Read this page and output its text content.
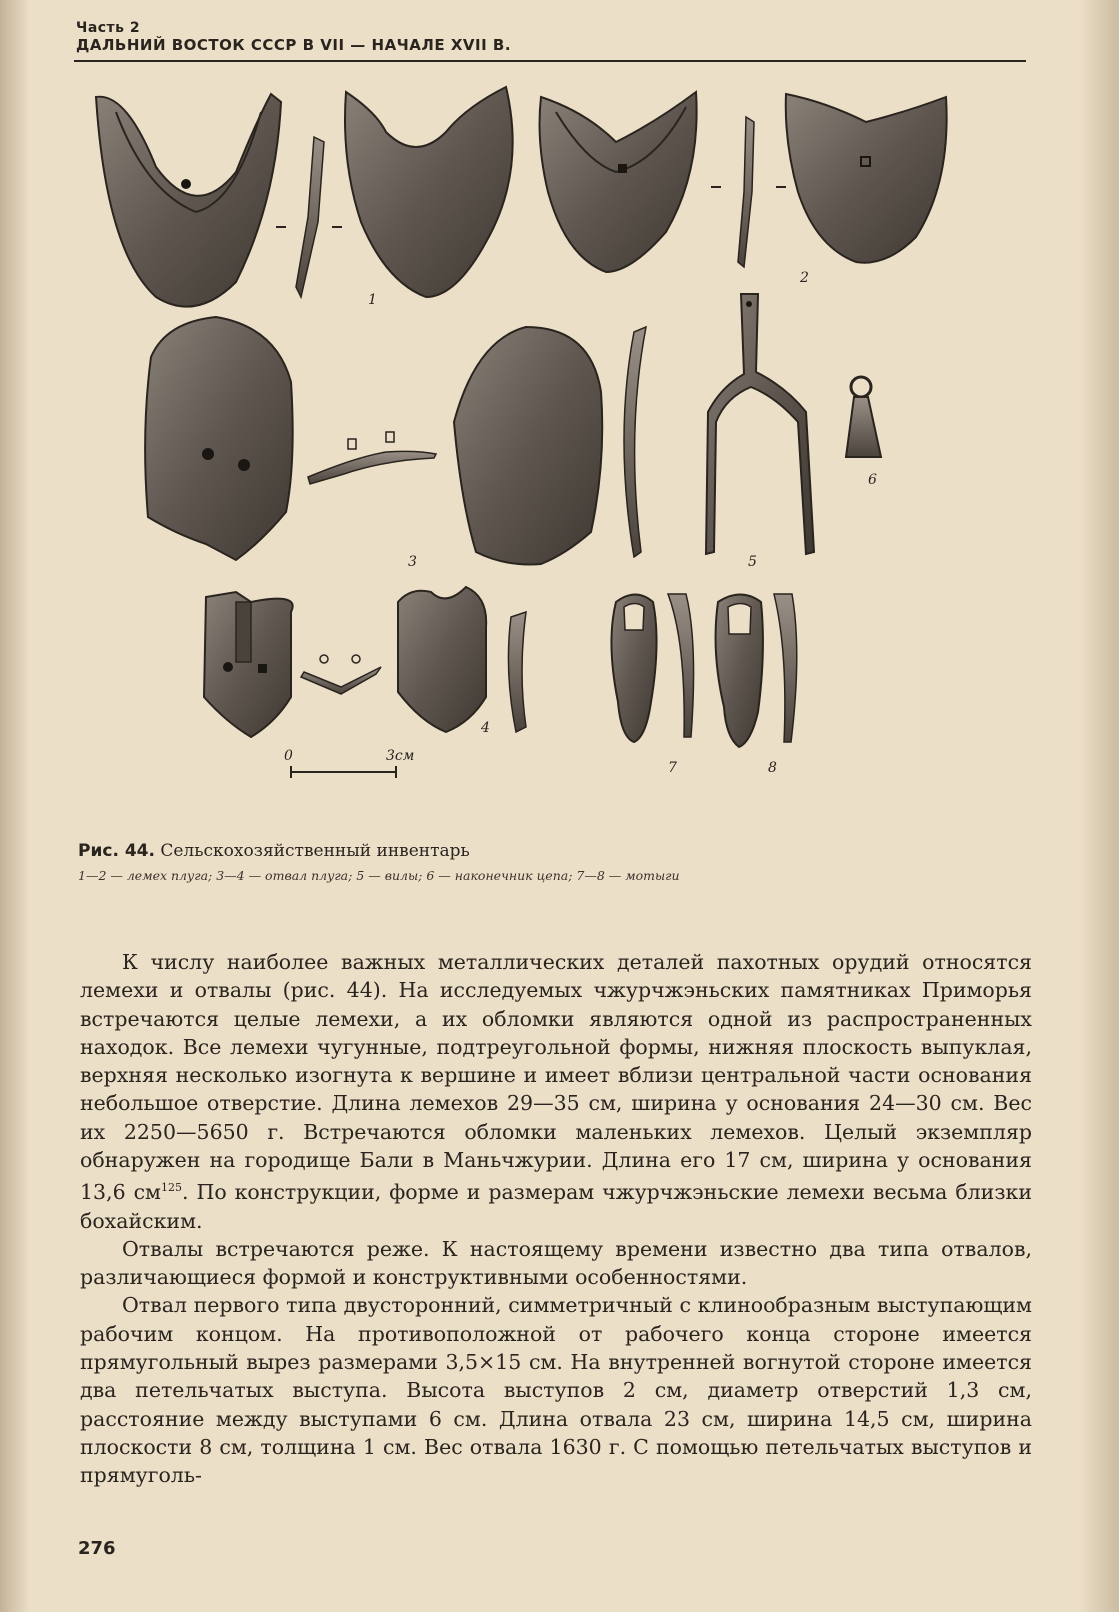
Часть 2
ДАЛЬНИЙ ВОСТОК СССР В VII — НАЧАЛЕ XVII В.
1
2
3	5
6
4
7	8
0	3см
Рис. 44. Сельскохозяйственный инвентарь
1—2 — лемех плуга; 3—4 — отвал плуга; 5 — вилы; 6 — наконечник цепа; 7—8 — мотыги

К числу наиболее важных металлических деталей пахотных орудий относятся лемехи и отвалы (рис. 44). На исследуемых чжурчжэньских памятниках Приморья встречаются целые лемехи, а их обломки являются одной из распространенных находок. Все лемехи чугунные, подтреугольной формы, нижняя плоскость выпуклая, верхняя несколько изогнута к вершине и имеет вблизи центральной части основания небольшое отверстие. Длина лемехов 29—35 см, ширина у основания 24—30 см. Вес их 2250—5650 г. Встречаются обломки маленьких лемехов. Целый экземпляр обнаружен на городище Бали в Маньчжурии. Длина его 17 см, ширина у основания 13,6 $см^{125}$. По конструкции, форме и размерам чжурчжэньские лемехи весьма близки бохайским.

Отвалы встречаются реже. К настоящему времени известно два типа отвалов, различающиеся формой и конструктивными особенностями.

Отвал первого типа двусторонний, симметричный с клинообразным выступающим рабочим концом. На противоположной от рабочего конца стороне имеется прямугольный вырез размерами 3,5×15 см. На внутренней вогнутой стороне имеется два петельчатых выступа. Высота выступов 2 см, диаметр отверстий 1,3 см, расстояние между выступами 6 см. Длина отвала 23 см, ширина 14,5 см, ширина плоскости 8 см, толщина 1 см. Вес отвала 1630 г. С помощью петельчатых выступов и прямуголь-

276
